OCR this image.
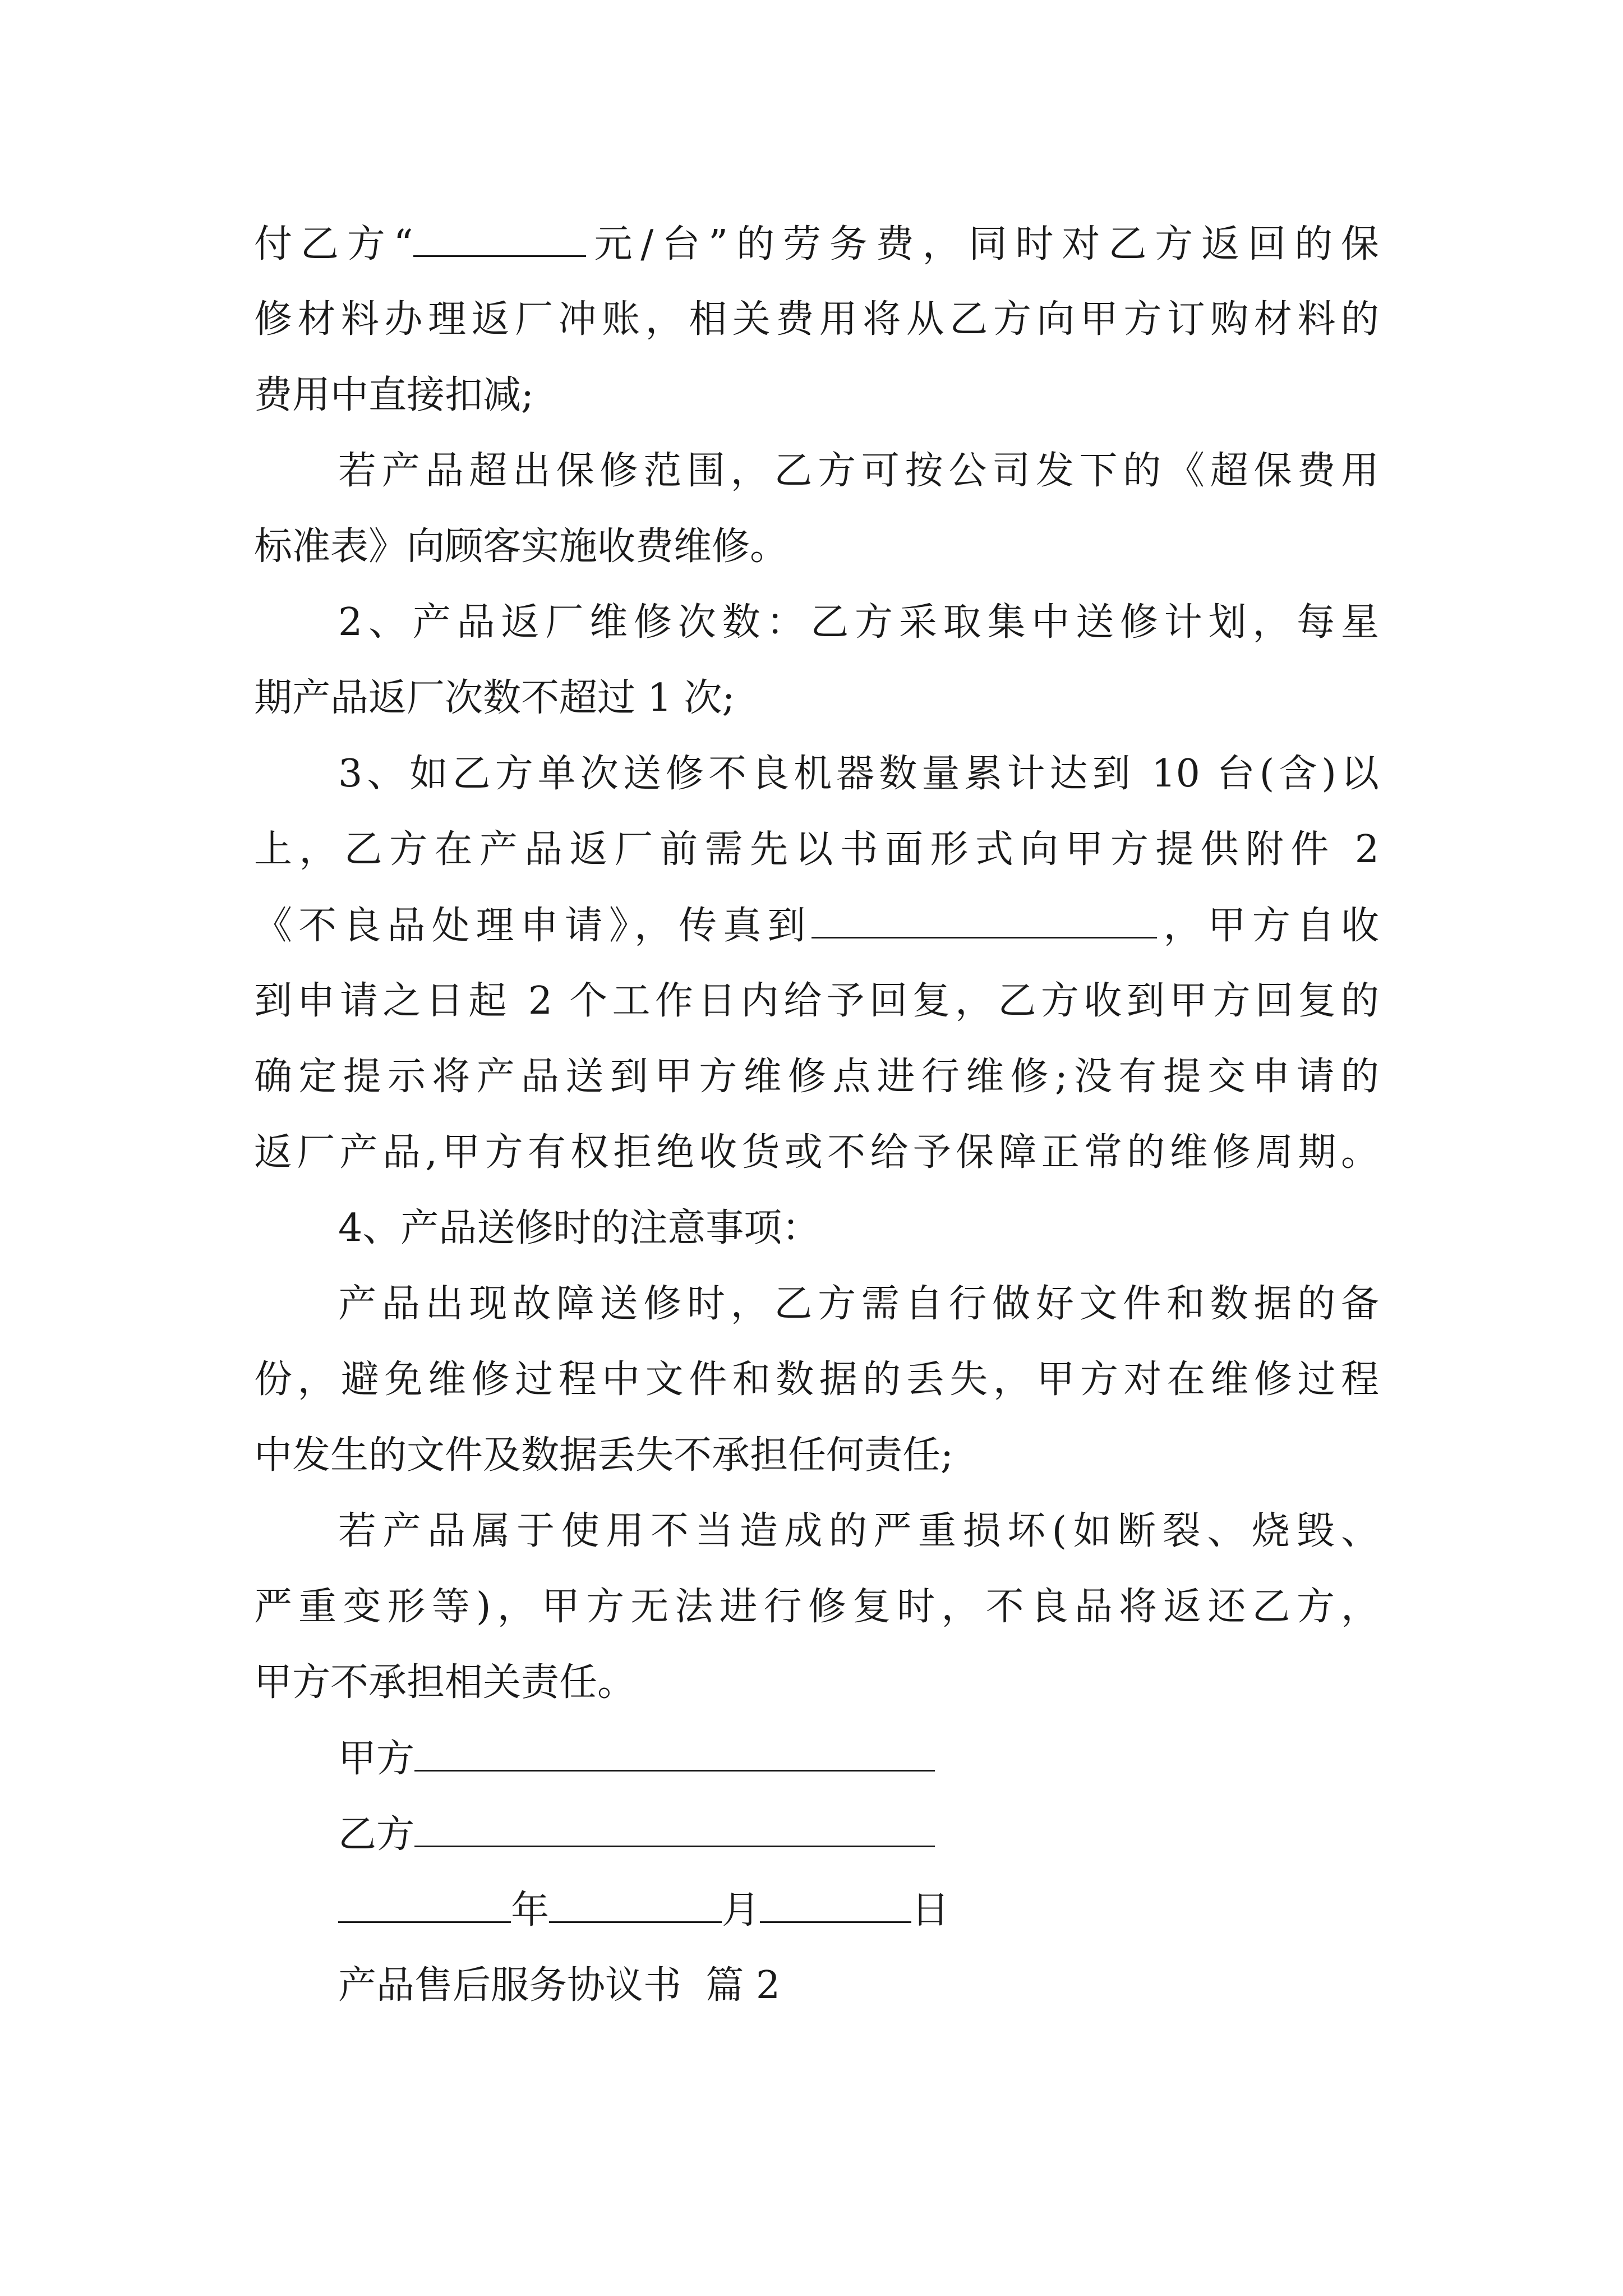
付乙方“	元/台”的劳务费，同时对乙方返回的保

修材料办理返厂冲账，相关费用将从乙方向甲方订购材料的

费用中直接扣减;

若产品超出保修范围，乙方可按公司发下的《超保费用

标准表》向顾客实施收费维修。

2、产品返厂维修次数：乙方采取集中送修计划，每星

期产品返厂次数不超过 1 次;

3、如乙方单次送修不良机器数量累计达到 10 台(含)以

上，乙方在产品返厂前需先以书面形式向甲方提供附件 2

《不良品处理申请》，传真到	，甲方自收

到申请之日起 2 个工作日内给予回复，乙方收到甲方回复的

确定提示将产品送到甲方维修点进行维修;没有提交申请的

返厂产品,甲方有权拒绝收货或不给予保障正常的维修周期。

4、产品送修时的注意事项：

产品出现故障送修时，乙方需自行做好文件和数据的备

份，避免维修过程中文件和数据的丢失，甲方对在维修过程

中发生的文件及数据丢失不承担任何责任;

若产品属于使用不当造成的严重损坏(如断裂、烧毁、

严重变形等)，甲方无法进行修复时，不良品将返还乙方，

甲方不承担相关责任。

甲方

乙方

年	月	日

产品售后服务协议书  篇 2
